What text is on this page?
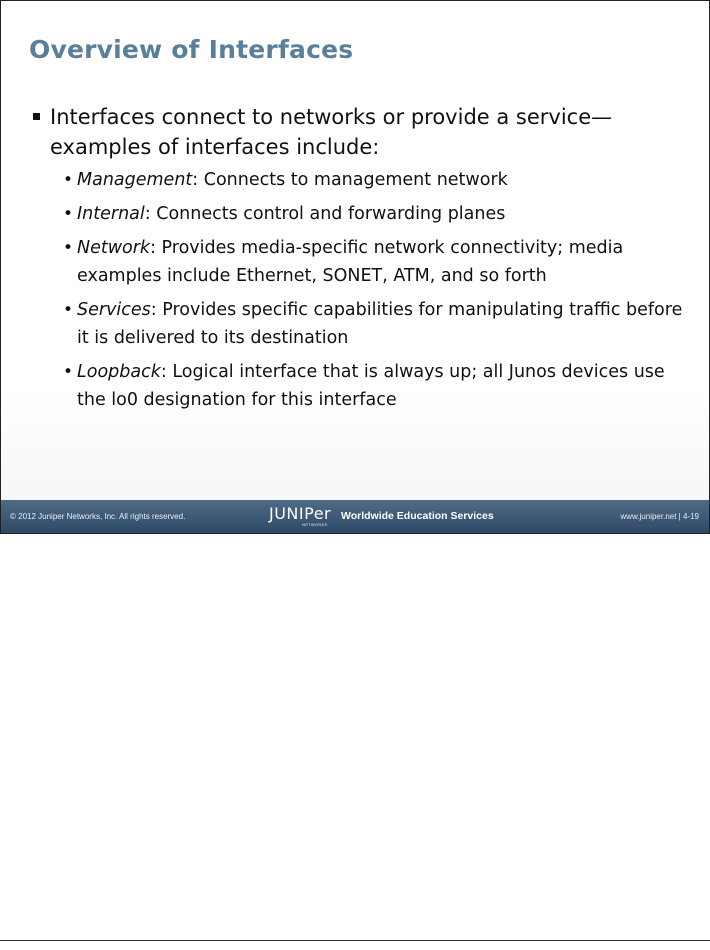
Overview of Interfaces
Interfaces connect to networks or provide a service—examples of interfaces include:
• Management: Connects to management network
• Internal: Connects control and forwarding planes
• Network: Provides media-specific network connectivity; media examples include Ethernet, SONET, ATM, and so forth
• Services: Provides specific capabilities for manipulating traffic before it is delivered to its destination
• Loopback: Logical interface that is always up; all Junos devices use the lo0 designation for this interface
© 2012 Juniper Networks, Inc. All rights reserved.	JUNIPer
NETWORKS
Worldwide Education Services	www.juniper.net | 4-19
